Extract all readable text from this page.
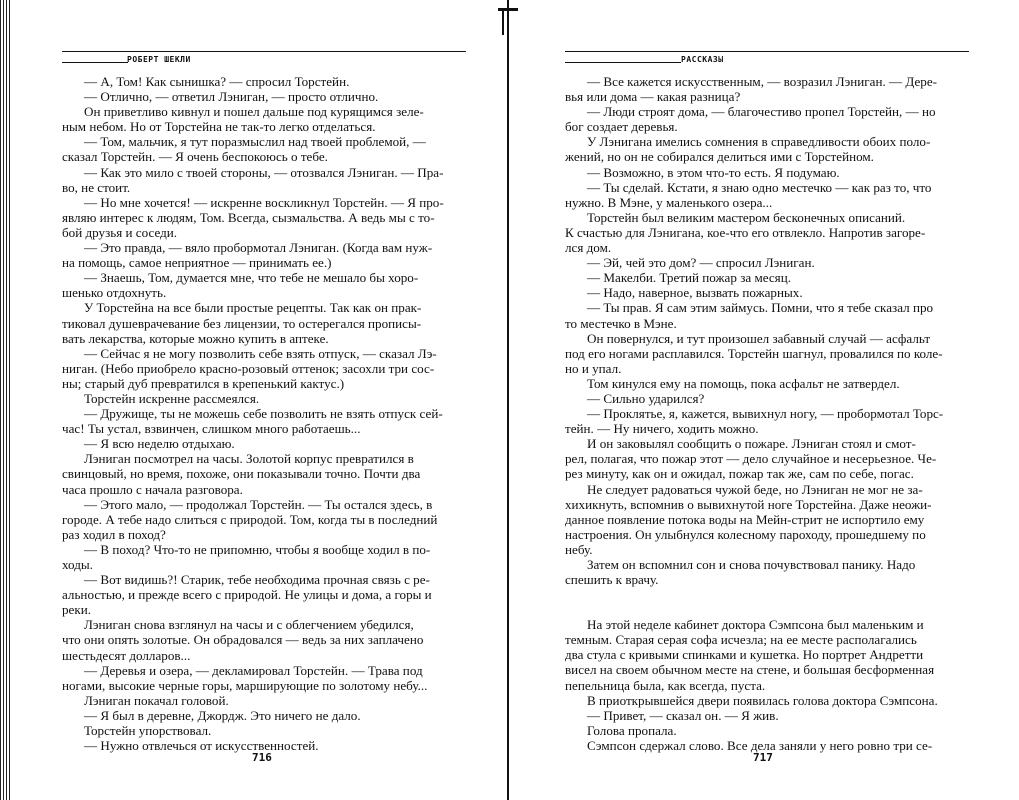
РОБЕРТ ШЕКЛИ
— А, Том! Как сынишка? — спросил Торстейн.
— Отлично, — ответил Лэниган, — просто отлично.
Он приветливо кивнул и пошел дальше под курящимся зеле-
ным небом. Но от Торстейна не так-то легко отделаться.
— Том, мальчик, я тут поразмыслил над твоей проблемой, —
сказал Торстейн. — Я очень беспокоюсь о тебе.
— Как это мило с твоей стороны, — отозвался Лэниган. — Пра-
во, не стоит.
— Но мне хочется! — искренне воскликнул Торстейн. — Я про-
являю интерес к людям, Том. Всегда, сызмальства. А ведь мы с то-
бой друзья и соседи.
— Это правда, — вяло пробормотал Лэниган. (Когда вам нуж-
на помощь, самое неприятное — принимать ее.)
— Знаешь, Том, думается мне, что тебе не мешало бы хоро-
шенько отдохнуть.
У Торстейна на все были простые рецепты. Так как он прак-
тиковал душеврачевание без лицензии, то остерегался прописы-
вать лекарства, которые можно купить в аптеке.
— Сейчас я не могу позволить себе взять отпуск, — сказал Лэ-
ниган. (Небо приобрело красно-розовый оттенок; засохли три сос-
ны; старый дуб превратился в крепенький кактус.)
Торстейн искренне рассмеялся.
— Дружище, ты не можешь себе позволить не взять отпуск сей-
час! Ты устал, взвинчен, слишком много работаешь...
— Я всю неделю отдыхаю.
Лэниган посмотрел на часы. Золотой корпус превратился в
свинцовый, но время, похоже, они показывали точно. Почти два
часа прошло с начала разговора.
— Этого мало, — продолжал Торстейн. — Ты остался здесь, в
городе. А тебе надо слиться с природой. Том, когда ты в последний
раз ходил в поход?
— В поход? Что-то не припомню, чтобы я вообще ходил в по-
ходы.
— Вот видишь?! Старик, тебе необходима прочная связь с ре-
альностью, и прежде всего с природой. Не улицы и дома, а горы и
реки.
Лэниган снова взглянул на часы и с облегчением убедился,
что они опять золотые. Он обрадовался — ведь за них заплачено
шестьдесят долларов...
— Деревья и озера, — декламировал Торстейн. — Трава под
ногами, высокие черные горы, марширующие по золотому небу...
Лэниган покачал головой.
— Я был в деревне, Джордж. Это ничего не дало.
Торстейн упорствовал.
— Нужно отвлечься от искусственностей.
716
РАССКАЗЫ
— Все кажется искусственным, — возразил Лэниган. — Дере-
вья или дома — какая разница?
— Люди строят дома, — благочестиво пропел Торстейн, — но
бог создает деревья.
У Лэнигана имелись сомнения в справедливости обоих поло-
жений, но он не собирался делиться ими с Торстейном.
— Возможно, в этом что-то есть. Я подумаю.
— Ты сделай. Кстати, я знаю одно местечко — как раз то, что
нужно. В Мэне, у маленького озера...
Торстейн был великим мастером бесконечных описаний.
К счастью для Лэнигана, кое-что его отвлекло. Напротив загоре-
лся дом.
— Эй, чей это дом? — спросил Лэниган.
— Макелби. Третий пожар за месяц.
— Надо, наверное, вызвать пожарных.
— Ты прав. Я сам этим займусь. Помни, что я тебе сказал про
то местечко в Мэне.
Он повернулся, и тут произошел забавный случай — асфальт
под его ногами расплавился. Торстейн шагнул, провалился по коле-
но и упал.
Том кинулся ему на помощь, пока асфальт не затвердел.
— Сильно ударился?
— Проклятье, я, кажется, вывихнул ногу, — пробормотал Торс-
тейн. — Ну ничего, ходить можно.
И он заковылял сообщить о пожаре. Лэниган стоял и смот-
рел, полагая, что пожар этот — дело случайное и несерьезное. Че-
рез минуту, как он и ожидал, пожар так же, сам по себе, погас.
Не следует радоваться чужой беде, но Лэниган не мог не за-
хихикнуть, вспомнив о вывихнутой ноге Торстейна. Даже неожи-
данное появление потока воды на Мейн-стрит не испортило ему
настроения. Он улыбнулся колесному пароходу, прошедшему по
небу.
Затем он вспомнил сон и снова почувствовал панику. Надо
спешить к врачу.
На этой неделе кабинет доктора Сэмпсона был маленьким и
темным. Старая серая софа исчезла; на ее месте располагались
два стула с кривыми спинками и кушетка. Но портрет Андретти
висел на своем обычном месте на стене, и большая бесформенная
пепельница была, как всегда, пуста.
В приоткрывшейся двери появилась голова доктора Сэмпсона.
— Привет, — сказал он. — Я жив.
Голова пропала.
Сэмпсон сдержал слово. Все дела заняли у него ровно три се-
717
